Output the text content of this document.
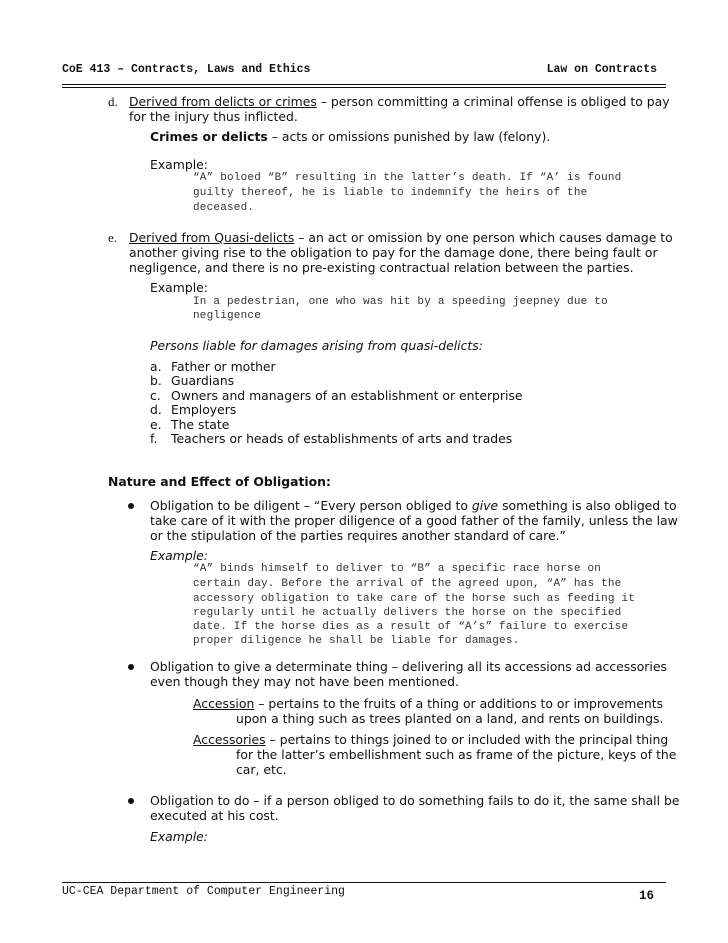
CoE 413 – Contracts, Laws and Ethics	Law on Contracts
d. Derived from delicts or crimes – person committing a criminal offense is obliged to pay
for the injury thus inflicted.
Crimes or delicts – acts or omissions punished by law (felony).
Example:
“A” boloed “B” resulting in the latter’s death. If “A’ is found
guilty thereof, he is liable to indemnify the heirs of the
deceased.
e. Derived from Quasi-delicts – an act or omission by one person which causes damage to
another giving rise to the obligation to pay for the damage done, there being fault or
negligence, and there is no pre-existing contractual relation between the parties.
Example:
In a pedestrian, one who was hit by a speeding jeepney due to
negligence
Persons liable for damages arising from quasi-delicts:
a. Father or mother
b. Guardians
c. Owners and managers of an establishment or enterprise
d. Employers
e. The state
f. Teachers or heads of establishments of arts and trades
Nature and Effect of Obligation:
Obligation to be diligent – “Every person obliged to give something is also obliged to
take care of it with the proper diligence of a good father of the family, unless the law
or the stipulation of the parties requires another standard of care.”
Example:
“A” binds himself to deliver to “B” a specific race horse on
certain day. Before the arrival of the agreed upon, “A” has the
accessory obligation to take care of the horse such as feeding it
regularly until he actually delivers the horse on the specified
date. If the horse dies as a result of “A’s” failure to exercise
proper diligence he shall be liable for damages.
Obligation to give a determinate thing – delivering all its accessions ad accessories
even though they may not have been mentioned.
Accession – pertains to the fruits of a thing or additions to or improvements
upon a thing such as trees planted on a land, and rents on buildings.
Accessories – pertains to things joined to or included with the principal thing
for the latter’s embellishment such as frame of the picture, keys of the
car, etc.
Obligation to do – if a person obliged to do something fails to do it, the same shall be
executed at his cost.
Example:
UC-CEA Department of Computer Engineering	16
